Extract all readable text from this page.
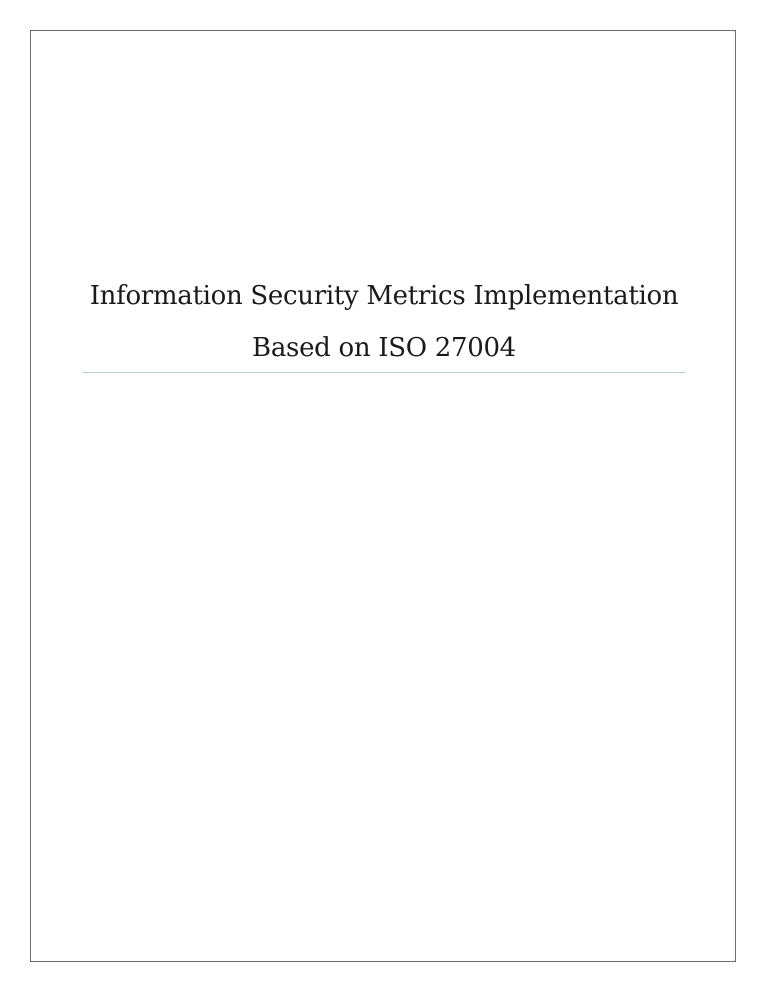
Information Security Metrics Implementation
Based on ISO 27004
